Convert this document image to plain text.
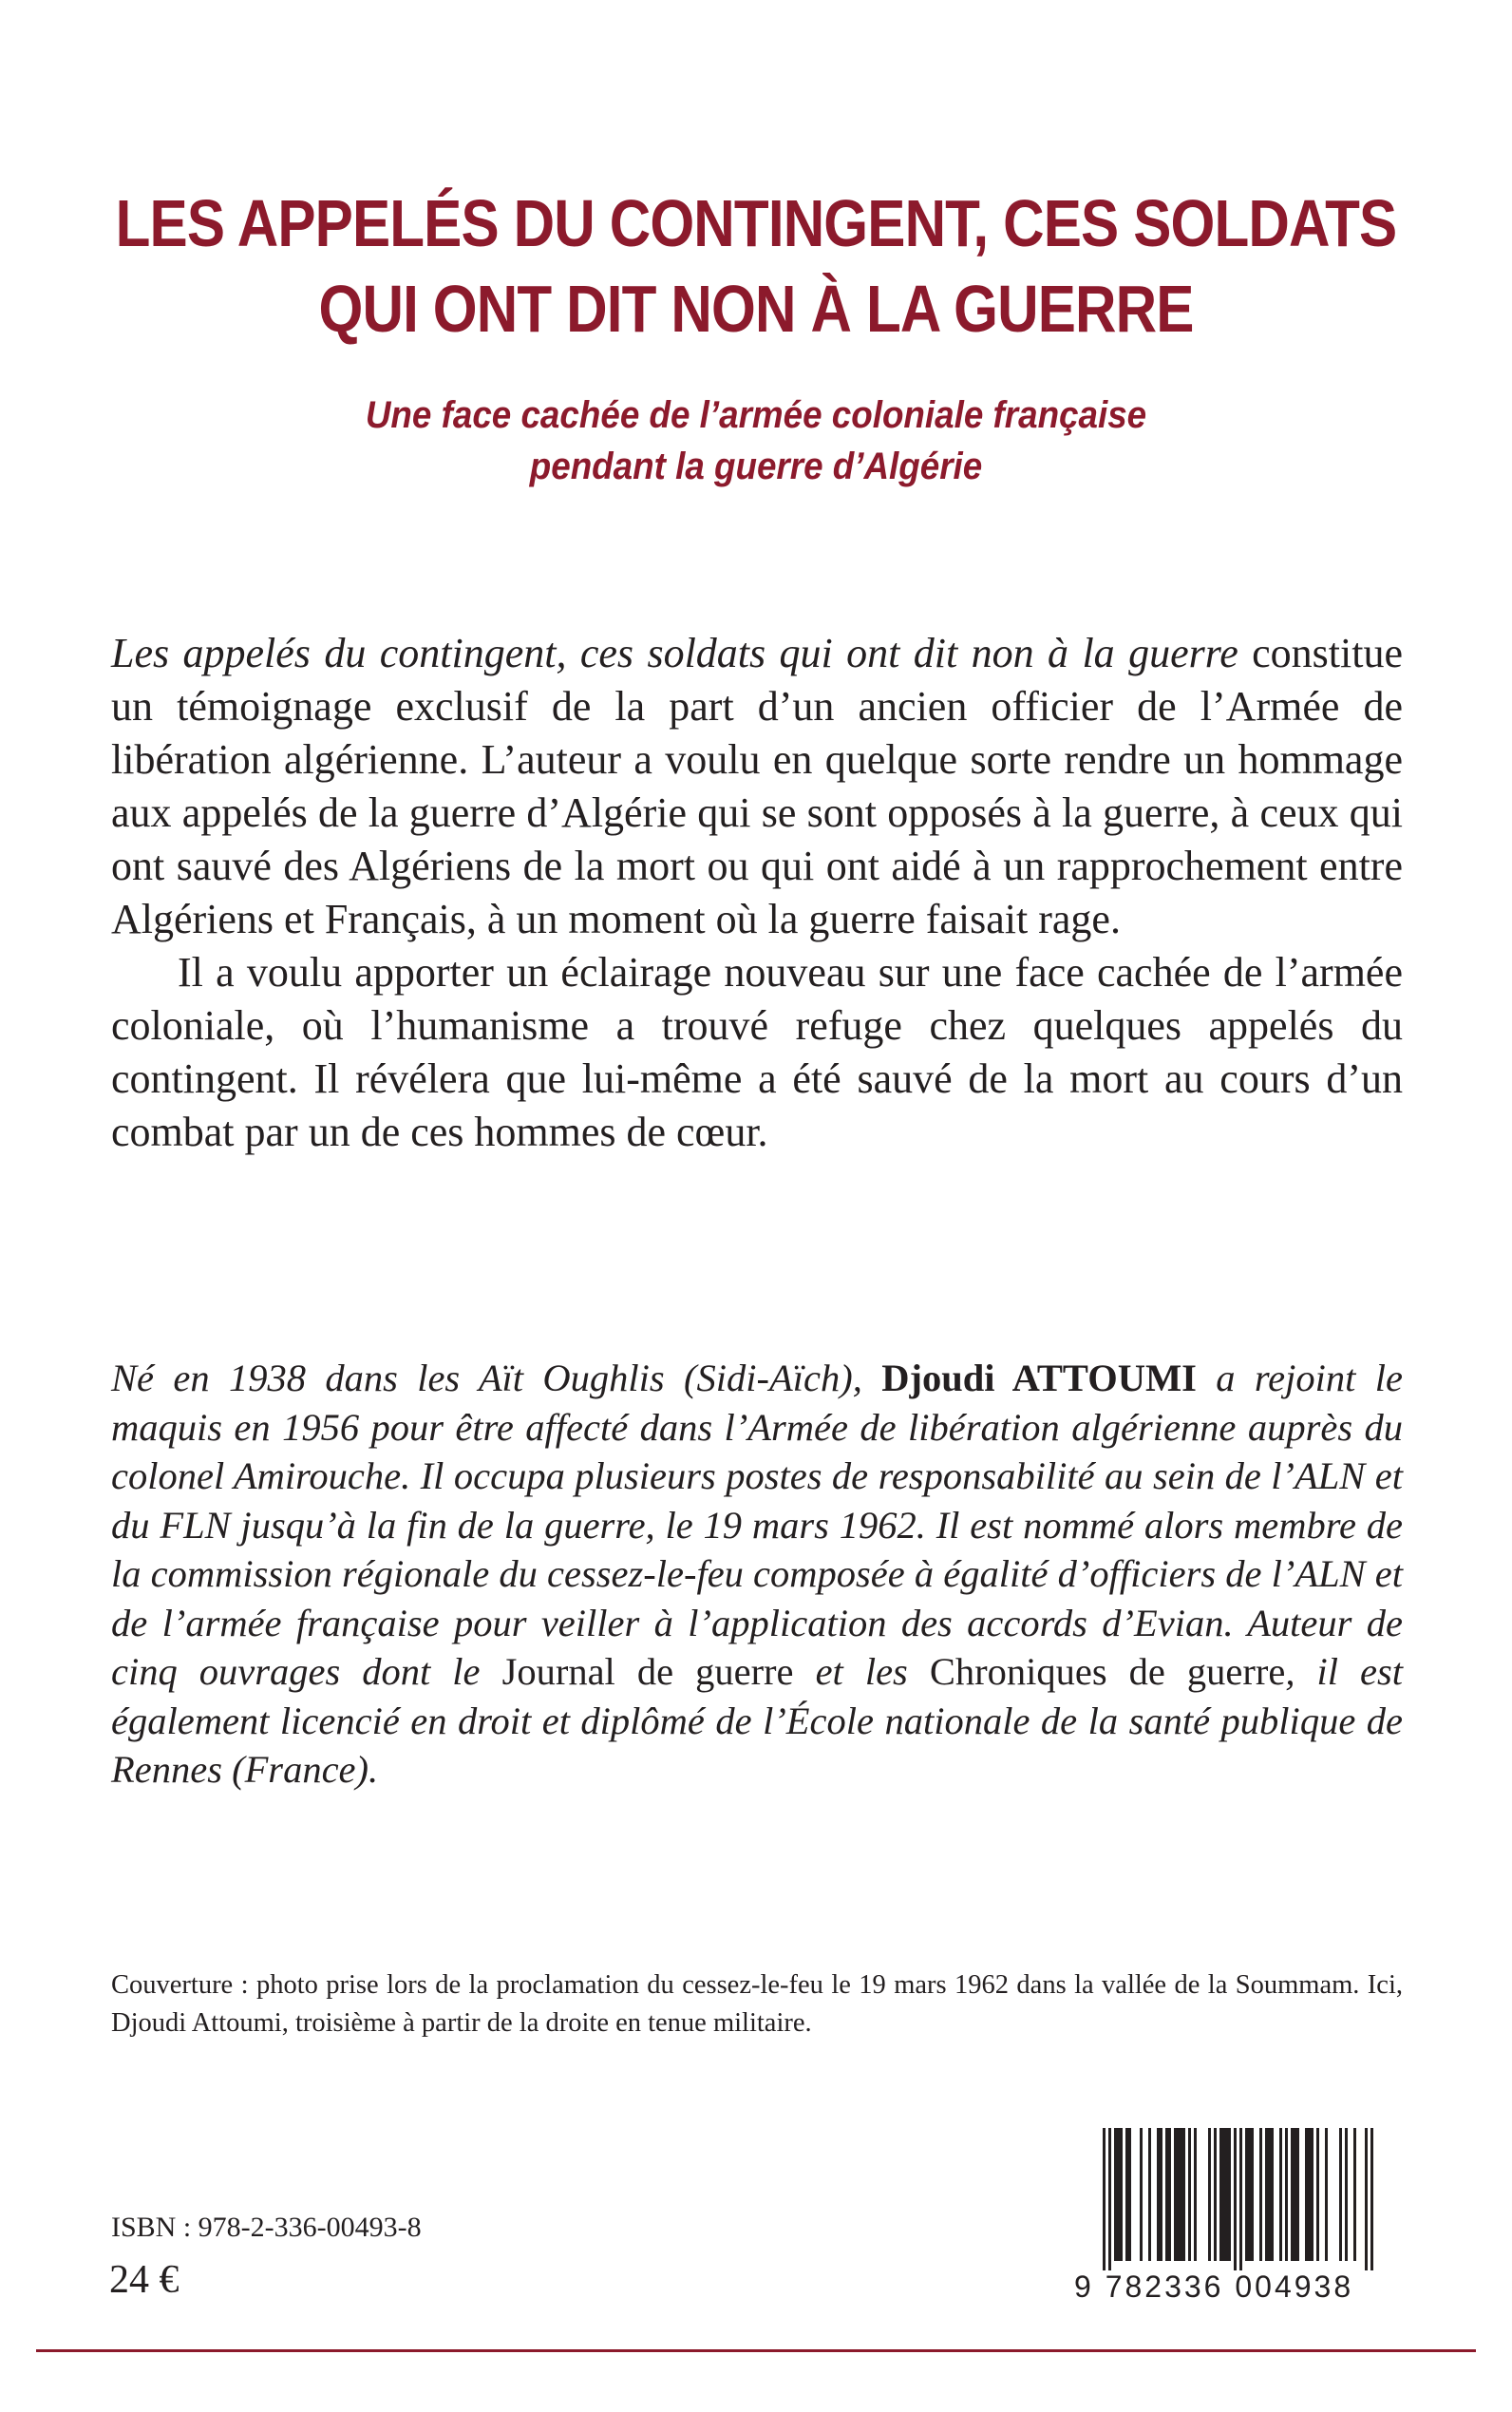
LES APPELÉS DU CONTINGENT, CES SOLDATS
QUI ONT DIT NON À LA GUERRE
Une face cachée de l’armée coloniale française
pendant la guerre d’Algérie

Les appelés du contingent, ces soldats qui ont dit non à la guerre constitue un témoignage exclusif de la part d’un ancien officier de l’Armée de libération algérienne. L’auteur a voulu en quelque sorte rendre un hommage aux appelés de la guerre d’Algérie qui se sont opposés à la guerre, à ceux qui ont sauvé des Algériens de la mort ou qui ont aidé à un rapprochement entre Algériens et Français, à un moment où la guerre faisait rage.

Il a voulu apporter un éclairage nouveau sur une face cachée de l’armée coloniale, où l’humanisme a trouvé refuge chez quelques appelés du contingent. Il révélera que lui-même a été sauvé de la mort au cours d’un combat par un de ces hommes de cœur.

Né en 1938 dans les Aït Oughlis (Sidi-Aïch), Djoudi ATTOUMI a rejoint le maquis en 1956 pour être affecté dans l’Armée de libération algérienne auprès du colonel Amirouche. Il occupa plusieurs postes de responsabilité au sein de l’ALN et du FLN jusqu’à la fin de la guerre, le 19 mars 1962. Il est nommé alors membre de la commission régionale du cessez-le-feu composée à égalité d’officiers de l’ALN et de l’armée française pour veiller à l’application des accords d’Evian. Auteur de cinq ouvrages dont le Journal de guerre et les Chroniques de guerre, il est également licencié en droit et diplômé de l’École nationale de la santé publique de Rennes (France).
Couverture : photo prise lors de la proclamation du cessez-le-feu le 19 mars 1962 dans la vallée de la Soummam. Ici, Djoudi Attoumi, troisième à partir de la droite en tenue militaire.
ISBN : 978-2-336-00493-8
24 €	9 782336 004938
